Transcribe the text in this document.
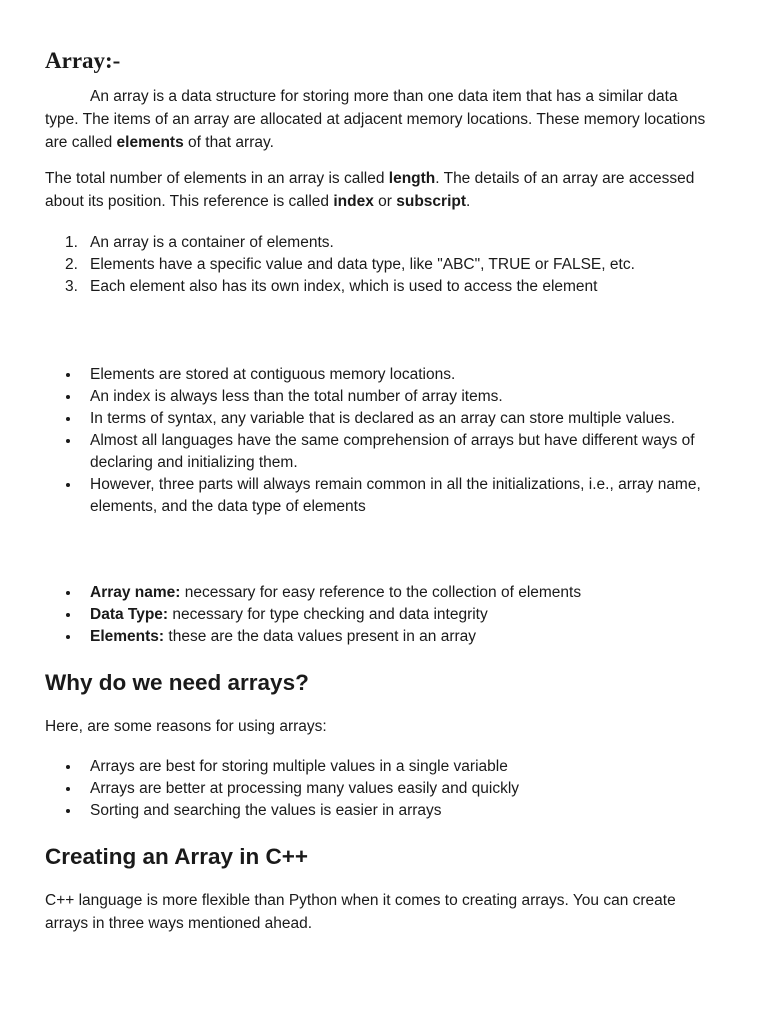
Array:-

An array is a data structure for storing more than one data item that has a similar data type. The items of an array are allocated at adjacent memory locations. These memory locations are called elements of that array.

The total number of elements in an array is called length. The details of an array are accessed about its position. This reference is called index or subscript.

1. An array is a container of elements.
2. Elements have a specific value and data type, like "ABC", TRUE or FALSE, etc.
3. Each element also has its own index, which is used to access the element
Elements are stored at contiguous memory locations.
An index is always less than the total number of array items.
In terms of syntax, any variable that is declared as an array can store multiple values.
Almost all languages have the same comprehension of arrays but have different ways of declaring and initializing them.
However, three parts will always remain common in all the initializations, i.e., array name, elements, and the data type of elements
Array name: necessary for easy reference to the collection of elements
Data Type: necessary for type checking and data integrity
Elements: these are the data values present in an array
Why do we need arrays?

Here, are some reasons for using arrays:

Arrays are best for storing multiple values in a single variable
Arrays are better at processing many values easily and quickly
Sorting and searching the values is easier in arrays
Creating an Array in C++

C++ language is more flexible than Python when it comes to creating arrays. You can create arrays in three ways mentioned ahead.
